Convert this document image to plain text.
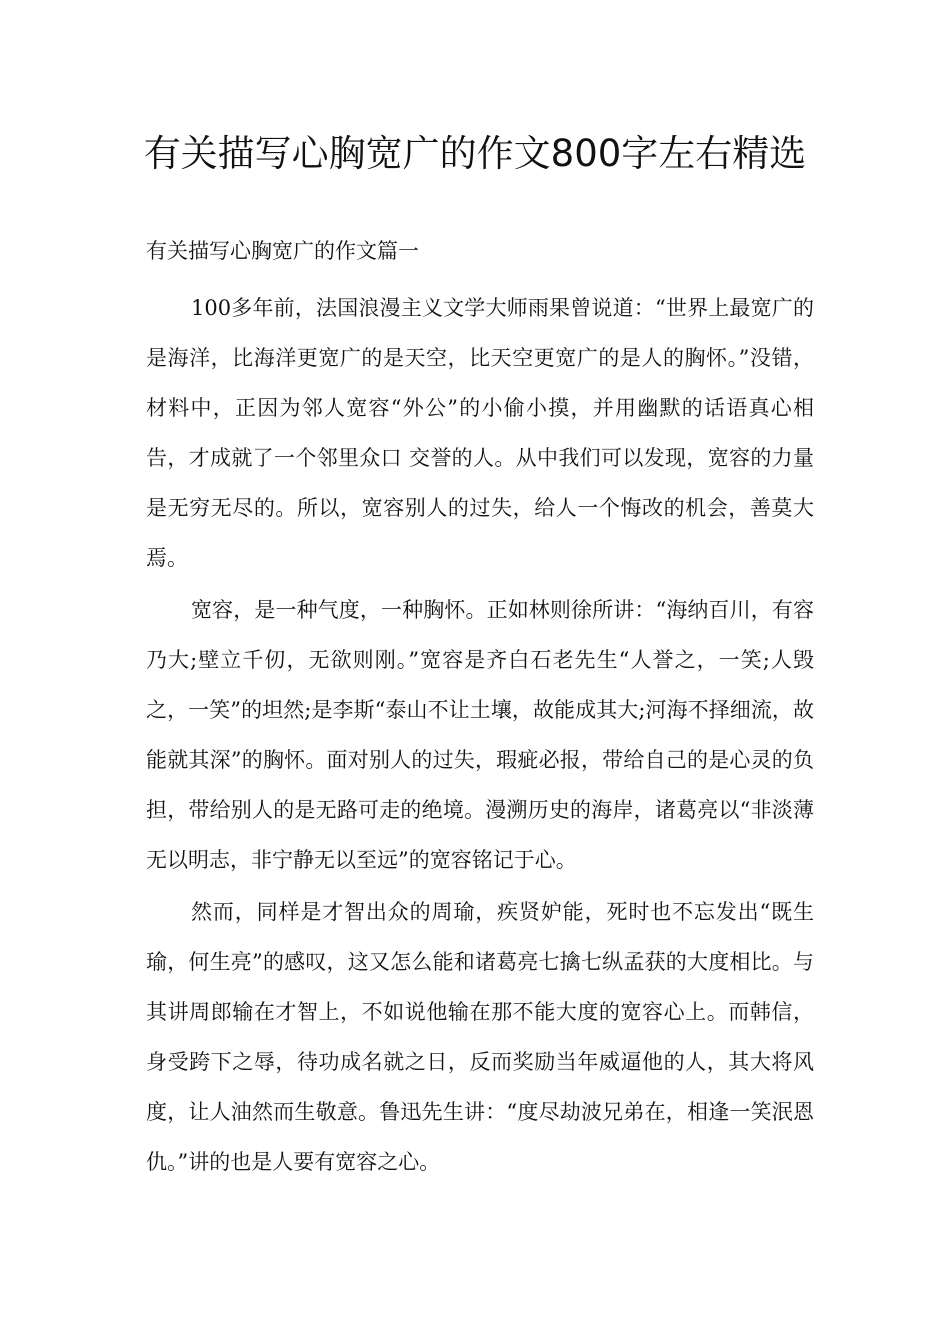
有关描写心胸宽广的作文800字左右精选
有关描写心胸宽广的作文篇一

100多年前，法国浪漫主义文学大师雨果曾说道：“世界上最宽广的是海洋，比海洋更宽广的是天空，比天空更宽广的是人的胸怀。”没错，材料中，正因为邻人宽容“外公”的小偷小摸，并用幽默的话语真心相告，才成就了一个邻里众口 交誉的人。从中我们可以发现，宽容的力量是无穷无尽的。所以，宽容别人的过失，给人一个悔改的机会，善莫大焉。

宽容，是一种气度，一种胸怀。正如林则徐所讲：“海纳百川，有容乃大;壁立千仞，无欲则刚。”宽容是齐白石老先生“人誉之，一笑;人毁之，一笑”的坦然;是李斯“泰山不让土壤，故能成其大;河海不择细流，故能就其深”的胸怀。面对别人的过失，瑕疵必报，带给自己的是心灵的负担，带给别人的是无路可走的绝境。漫溯历史的海岸，诸葛亮以“非淡薄无以明志，非宁静无以至远”的宽容铭记于心。

然而，同样是才智出众的周瑜，疾贤妒能，死时也不忘发出“既生瑜，何生亮”的感叹，这又怎么能和诸葛亮七擒七纵孟获的大度相比。与其讲周郎输在才智上，不如说他输在那不能大度的宽容心上。而韩信，身受跨下之辱，待功成名就之日，反而奖励当年威逼他的人，其大将风度，让人油然而生敬意。鲁迅先生讲：“度尽劫波兄弟在，相逢一笑泯恩仇。”讲的也是人要有宽容之心。
